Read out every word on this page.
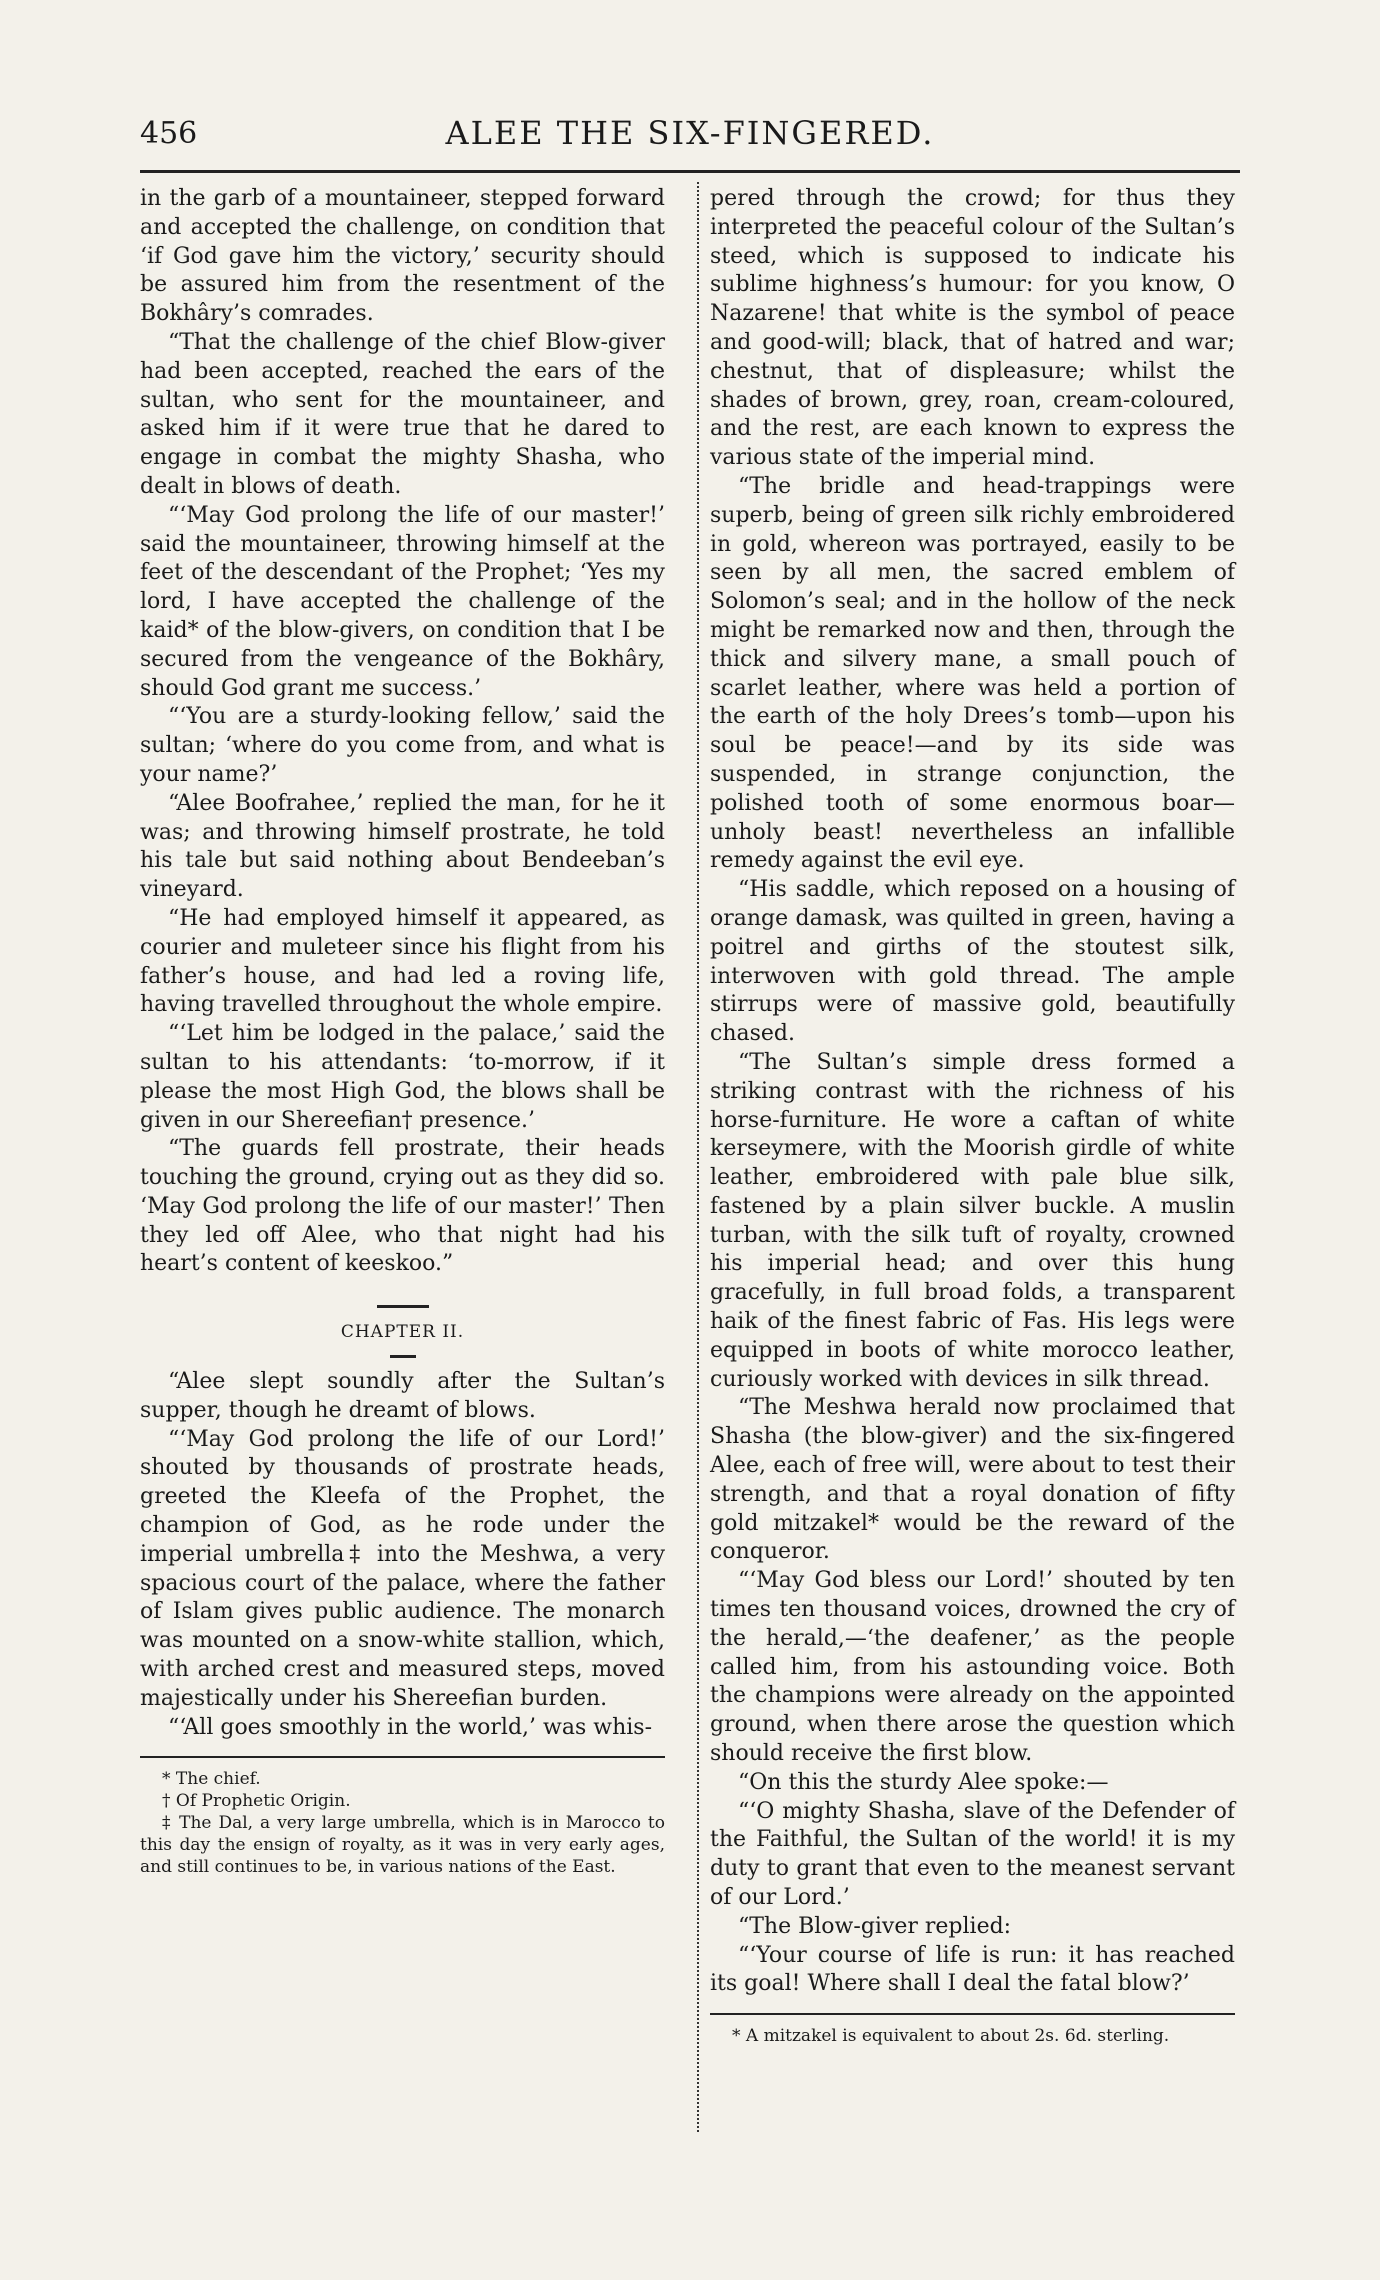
456	ALEE THE SIX-FINGERED.

in the garb of a mountaineer, stepped forward and accepted the challenge, on condition that ‘if God gave him the victory,’ security should be assured him from the resentment of the Bokhâry’s comrades.

“That the challenge of the chief Blow-giver had been accepted, reached the ears of the sultan, who sent for the mountaineer, and asked him if it were true that he dared to engage in combat the mighty Shasha, who dealt in blows of death.

“‘May God prolong the life of our master!’ said the mountaineer, throwing himself at the feet of the descendant of the Prophet; ‘Yes my lord, I have accepted the challenge of the kaid* of the blow-givers, on condition that I be secured from the vengeance of the Bokhâry, should God grant me success.’

“‘You are a sturdy-looking fellow,’ said the sultan; ‘where do you come from, and what is your name?’

“Alee Boofrahee,’ replied the man, for he it was; and throwing himself prostrate, he told his tale but said nothing about Bendeeban’s vineyard.

“He had employed himself it appeared, as courier and muleteer since his flight from his father’s house, and had led a roving life, having travelled throughout the whole empire.

“‘Let him be lodged in the palace,’ said the sultan to his attendants: ‘to-morrow, if it please the most High God, the blows shall be given in our Shereefian† presence.’

“The guards fell prostrate, their heads touching the ground, crying out as they did so. ‘May God prolong the life of our master!’ Then they led off Alee, who that night had his heart’s content of keeskoo.”

CHAPTER II.

“Alee slept soundly after the Sultan’s supper, though he dreamt of blows.

“‘May God prolong the life of our Lord!’ shouted by thousands of prostrate heads, greeted the Kleefa of the Prophet, the champion of God, as he rode under the imperial umbrella‡ into the Meshwa, a very spacious court of the palace, where the father of Islam gives public audience. The monarch was mounted on a snow-white stallion, which, with arched crest and measured steps, moved majestically under his Shereefian burden.

“‘All goes smoothly in the world,’ was whis-

* The chief.
† Of Prophetic Origin.
‡ The Dal, a very large umbrella, which is in Marocco to this day the ensign of royalty, as it was in very early ages, and still continues to be, in various nations of the East.

pered through the crowd; for thus they interpreted the peaceful colour of the Sultan’s steed, which is supposed to indicate his sublime highness’s humour: for you know, O Nazarene! that white is the symbol of peace and good-will; black, that of hatred and war; chestnut, that of displeasure; whilst the shades of brown, grey, roan, cream-coloured, and the rest, are each known to express the various state of the imperial mind.

“The bridle and head-trappings were superb, being of green silk richly embroidered in gold, whereon was portrayed, easily to be seen by all men, the sacred emblem of Solomon’s seal; and in the hollow of the neck might be remarked now and then, through the thick and silvery mane, a small pouch of scarlet leather, where was held a portion of the earth of the holy Drees’s tomb—upon his soul be peace!—and by its side was suspended, in strange conjunction, the polished tooth of some enormous boar—unholy beast! nevertheless an infallible remedy against the evil eye.

“His saddle, which reposed on a housing of orange damask, was quilted in green, having a poitrel and girths of the stoutest silk, interwoven with gold thread. The ample stirrups were of massive gold, beautifully chased.

“The Sultan’s simple dress formed a striking contrast with the richness of his horse-furniture. He wore a caftan of white kerseymere, with the Moorish girdle of white leather, embroidered with pale blue silk, fastened by a plain silver buckle. A muslin turban, with the silk tuft of royalty, crowned his imperial head; and over this hung gracefully, in full broad folds, a transparent haik of the finest fabric of Fas. His legs were equipped in boots of white morocco leather, curiously worked with devices in silk thread.

“The Meshwa herald now proclaimed that Shasha (the blow-giver) and the six-fingered Alee, each of free will, were about to test their strength, and that a royal donation of fifty gold mitzakel* would be the reward of the conqueror.

“‘May God bless our Lord!’ shouted by ten times ten thousand voices, drowned the cry of the herald,—‘the deafener,’ as the people called him, from his astounding voice. Both the champions were already on the appointed ground, when there arose the question which should receive the first blow.

“On this the sturdy Alee spoke:—

“‘O mighty Shasha, slave of the Defender of the Faithful, the Sultan of the world! it is my duty to grant that even to the meanest servant of our Lord.’

“The Blow-giver replied:

“‘Your course of life is run: it has reached its goal! Where shall I deal the fatal blow?’

* A mitzakel is equivalent to about 2s. 6d. sterling.
